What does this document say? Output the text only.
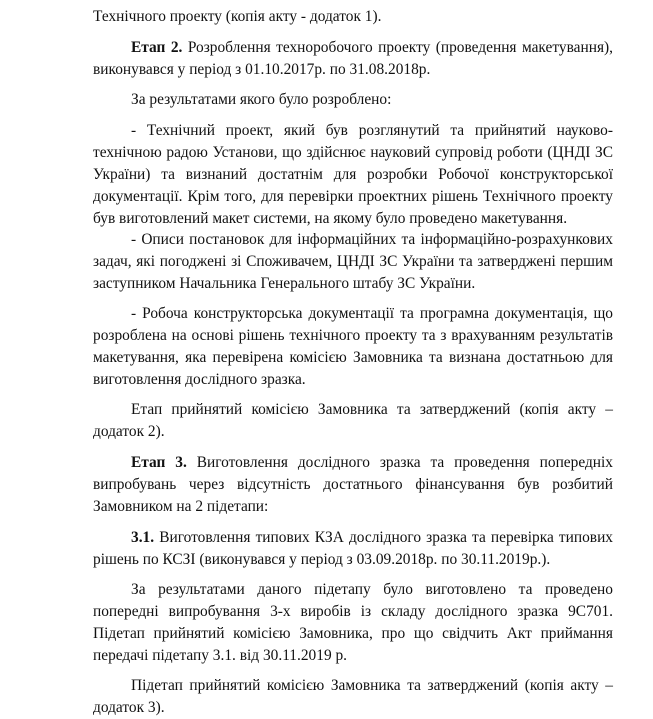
Технічного проекту (копія акту - додаток 1).
Етап 2. Розроблення техноробочого проекту (проведення макетування),
виконувався у період з 01.10.2017р. по 31.08.2018р.
За результатами якого було розроблено:
- Технічний проект, який був розглянутий та прийнятий науково-
технічною радою Установи, що здійснює науковий супровід роботи (ЦНДІ ЗС
України) та визнаний достатнім для розробки Робочої конструкторської
документації. Крім того, для перевірки проектних рішень Технічного проекту
був виготовлений макет системи, на якому було проведено макетування.
- Описи постановок для інформаційних та інформаційно-розрахункових
задач, які погоджені зі Споживачем, ЦНДІ ЗС України та затверджені першим
заступником Начальника Генерального штабу ЗС України.
- Робоча конструкторська документації та програмна документація, що
розроблена на основі рішень технічного проекту та з врахуванням результатів
макетування, яка перевірена комісією Замовника та визнана достатньою для
виготовлення дослідного зразка.
Етап прийнятий комісією Замовника та затверджений (копія акту –
додаток 2).
Етап 3. Виготовлення дослідного зразка та проведення попередніх
випробувань через відсутність достатнього фінансування був розбитий
Замовником на 2 підетапи:
3.1. Виготовлення типових КЗА дослідного зразка та перевірка типових
рішень по КСЗІ (виконувався у період з 03.09.2018р. по 30.11.2019р.).
За результатами даного підетапу було виготовлено та проведено
попередні випробування 3-х виробів із складу дослідного зразка 9С701.
Підетап прийнятий комісією Замовника, про що свідчить Акт приймання
передачі підетапу 3.1. від 30.11.2019 р.
Підетап прийнятий комісією Замовника та затверджений (копія акту –
додаток 3).
